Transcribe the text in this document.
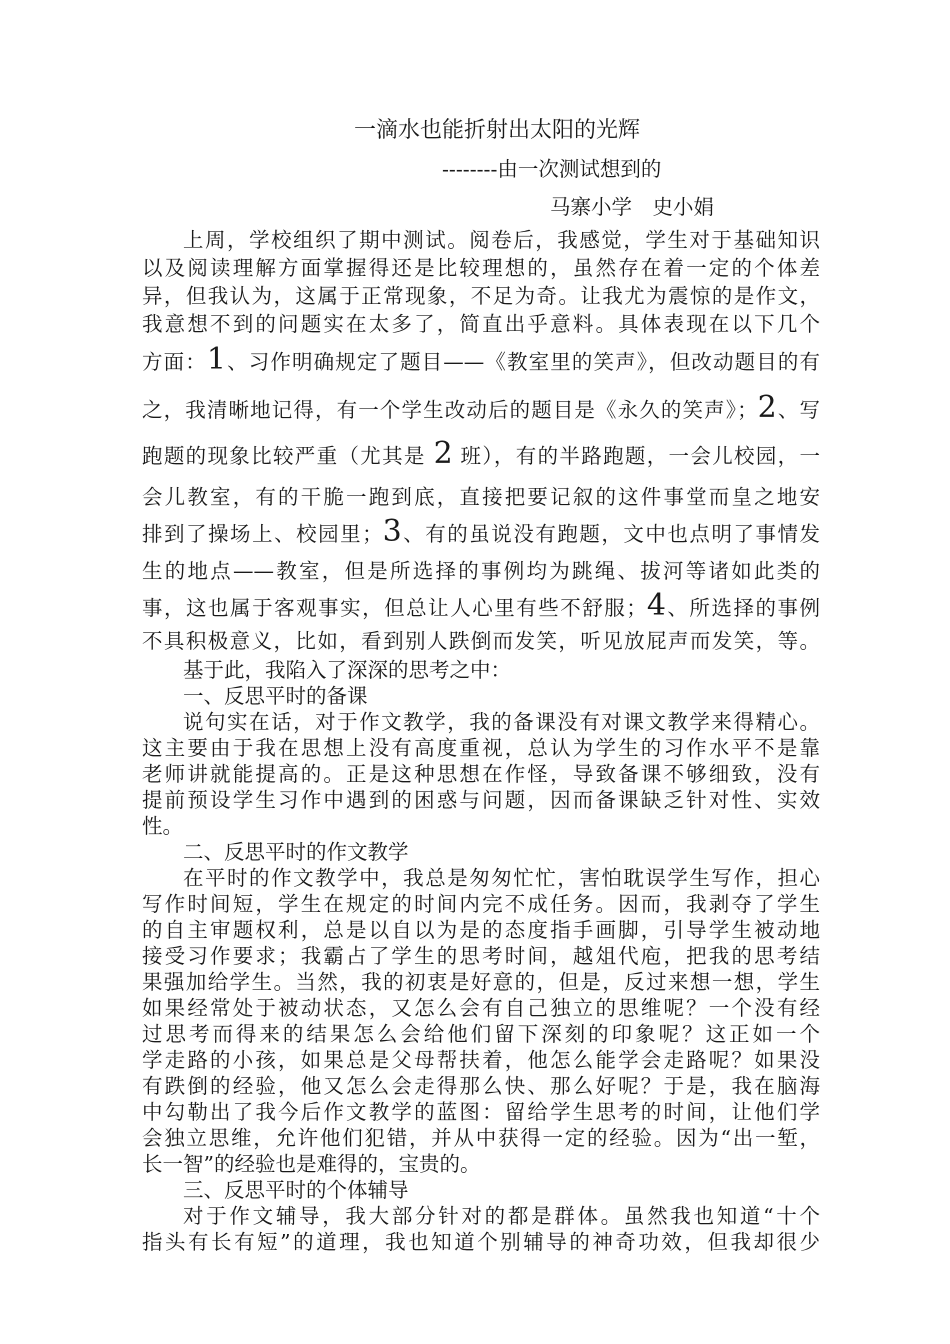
一滴水也能折射出太阳的光辉
--------由一次测试想到的
马寨小学　史小娟
上周，学校组织了期中测试。阅卷后，我感觉，学生对于基础知识
以及阅读理解方面掌握得还是比较理想的，虽然存在着一定的个体差
异，但我认为，这属于正常现象，不足为奇。让我尤为震惊的是作文，
我意想不到的问题实在太多了，简直出乎意料。具体表现在以下几个
方面：1、习作明确规定了题目——《教室里的笑声》，但改动题目的有
之，我清晰地记得，有一个学生改动后的题目是《永久的笑声》；2、写
跑题的现象比较严重（尤其是 2 班），有的半路跑题，一会儿校园，一
会儿教室，有的干脆一跑到底，直接把要记叙的这件事堂而皇之地安
排到了操场上、校园里；3、有的虽说没有跑题，文中也点明了事情发
生的地点——教室，但是所选择的事例均为跳绳、拔河等诸如此类的
事，这也属于客观事实，但总让人心里有些不舒服；4、所选择的事例
不具积极意义，比如，看到别人跌倒而发笑，听见放屁声而发笑，等。
基于此，我陷入了深深的思考之中：
一、反思平时的备课
说句实在话，对于作文教学，我的备课没有对课文教学来得精心。
这主要由于我在思想上没有高度重视，总认为学生的习作水平不是靠
老师讲就能提高的。正是这种思想在作怪，导致备课不够细致，没有
提前预设学生习作中遇到的困惑与问题，因而备课缺乏针对性、实效
性。
二、反思平时的作文教学
在平时的作文教学中，我总是匆匆忙忙，害怕耽误学生写作，担心
写作时间短，学生在规定的时间内完不成任务。因而，我剥夺了学生
的自主审题权利，总是以自以为是的态度指手画脚，引导学生被动地
接受习作要求；我霸占了学生的思考时间，越俎代庖，把我的思考结
果强加给学生。当然，我的初衷是好意的，但是，反过来想一想，学生
如果经常处于被动状态，又怎么会有自己独立的思维呢？一个没有经
过思考而得来的结果怎么会给他们留下深刻的印象呢？这正如一个
学走路的小孩，如果总是父母帮扶着，他怎么能学会走路呢？如果没
有跌倒的经验，他又怎么会走得那么快、那么好呢？于是，我在脑海
中勾勒出了我今后作文教学的蓝图：留给学生思考的时间，让他们学
会独立思维，允许他们犯错，并从中获得一定的经验。因为“出一堑，
长一智”的经验也是难得的，宝贵的。
三、反思平时的个体辅导
对于作文辅导，我大部分针对的都是群体。虽然我也知道“十个
指头有长有短”的道理，我也知道个别辅导的神奇功效，但我却很少
